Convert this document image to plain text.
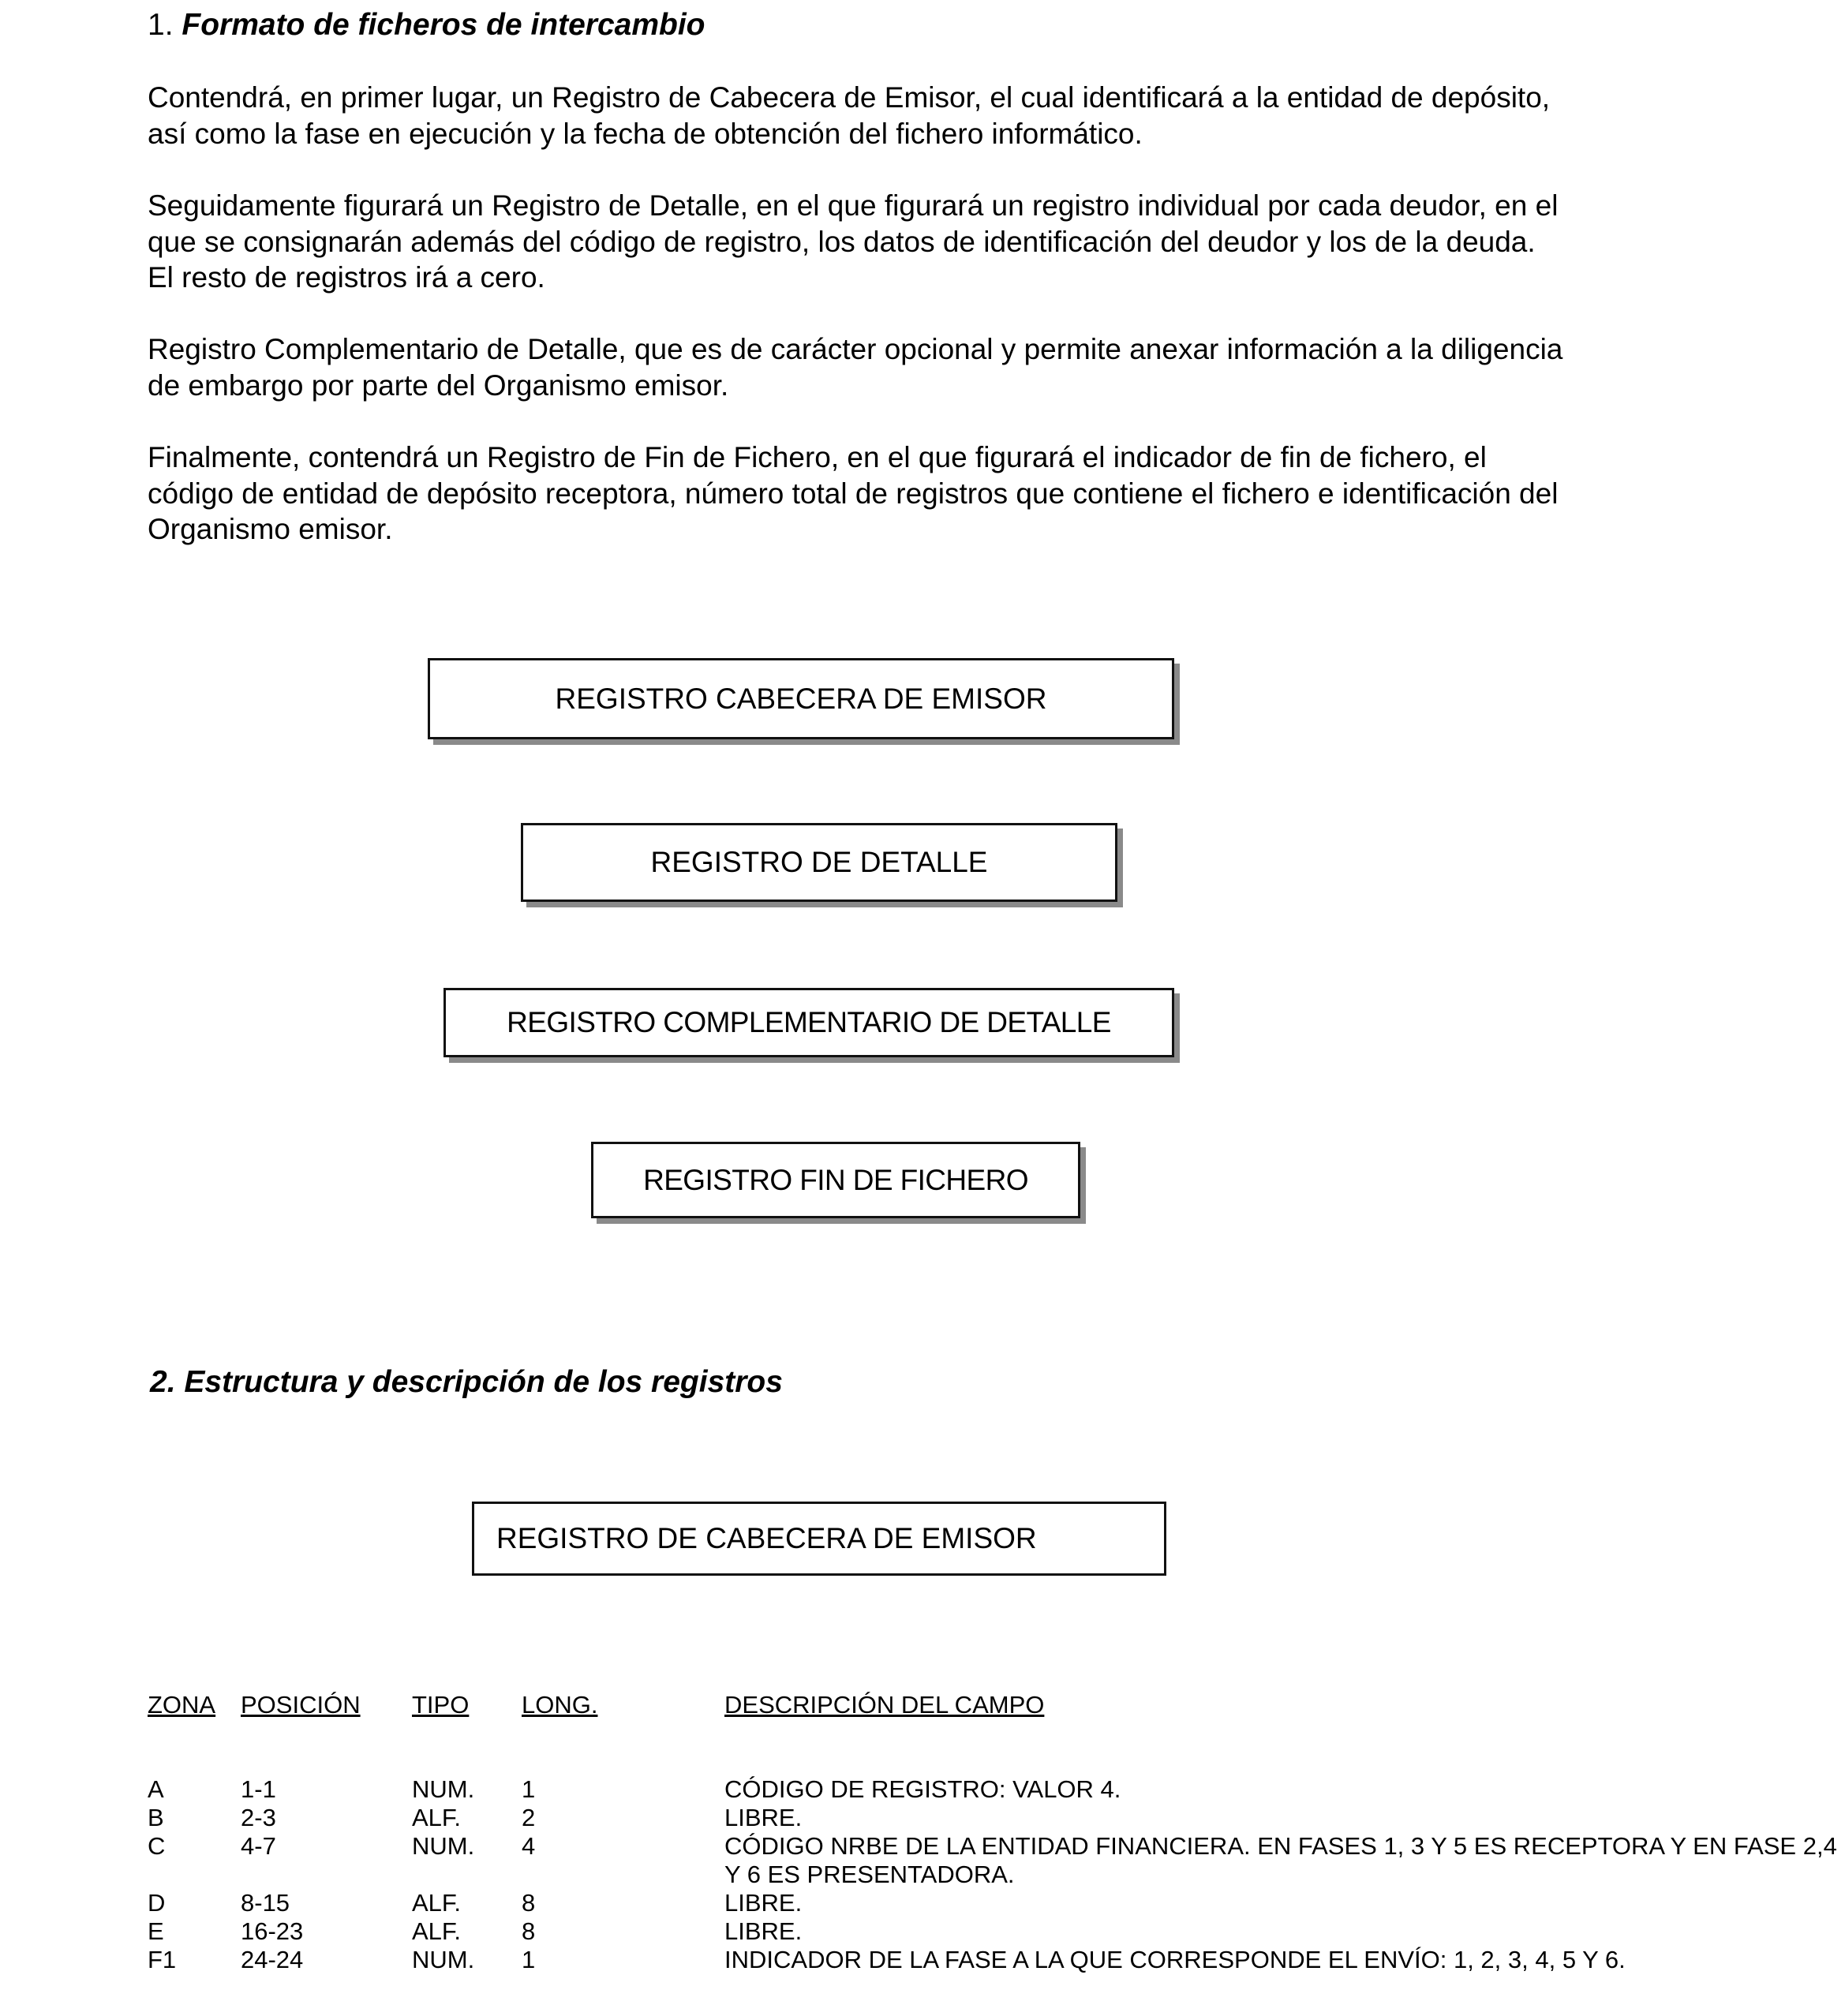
1. Formato de ficheros de intercambio

Contendrá, en primer lugar, un Registro de Cabecera de Emisor, el cual identificará a la entidad de depósito, así como la fase en ejecución y la fecha de obtención del fichero informático.

Seguidamente figurará un Registro de Detalle, en el que figurará un registro individual por cada deudor, en el que se consignarán además del código de registro, los datos de identificación del deudor y los de la deuda. El resto de registros irá a cero.

Registro Complementario de Detalle, que es de carácter opcional y permite anexar información a la diligencia de embargo por parte del Organismo emisor.

Finalmente, contendrá un Registro de Fin de Fichero, en el que figurará el indicador de fin de fichero, el código de entidad de depósito receptora, número total de registros que contiene el fichero e identificación del Organismo emisor.

REGISTRO CABECERA DE EMISOR
REGISTRO DE DETALLE
REGISTRO COMPLEMENTARIO DE DETALLE
REGISTRO FIN DE FICHERO
2. Estructura y descripción de los registros
REGISTRO DE CABECERA DE EMISOR
ZONA POSICIÓN TIPO LONG.	DESCRIPCIÓN DEL CAMPO
A	1-1	NUM. 1	CÓDIGO DE REGISTRO: VALOR 4.
B	2-3	ALF. 2	LIBRE.
C	4-7	NUM. 4	CÓDIGO NRBE DE LA ENTIDAD FINANCIERA. EN FASES 1, 3 Y 5 ES RECEPTORA Y EN FASE 2,4 Y 6 ES PRESENTADORA.
D	8-15	ALF. 8	LIBRE.
E	16-23	ALF. 8	LIBRE.
F1	24-24	NUM. 1	INDICADOR DE LA FASE A LA QUE CORRESPONDE EL ENVÍO: 1, 2, 3, 4, 5 Y 6.
